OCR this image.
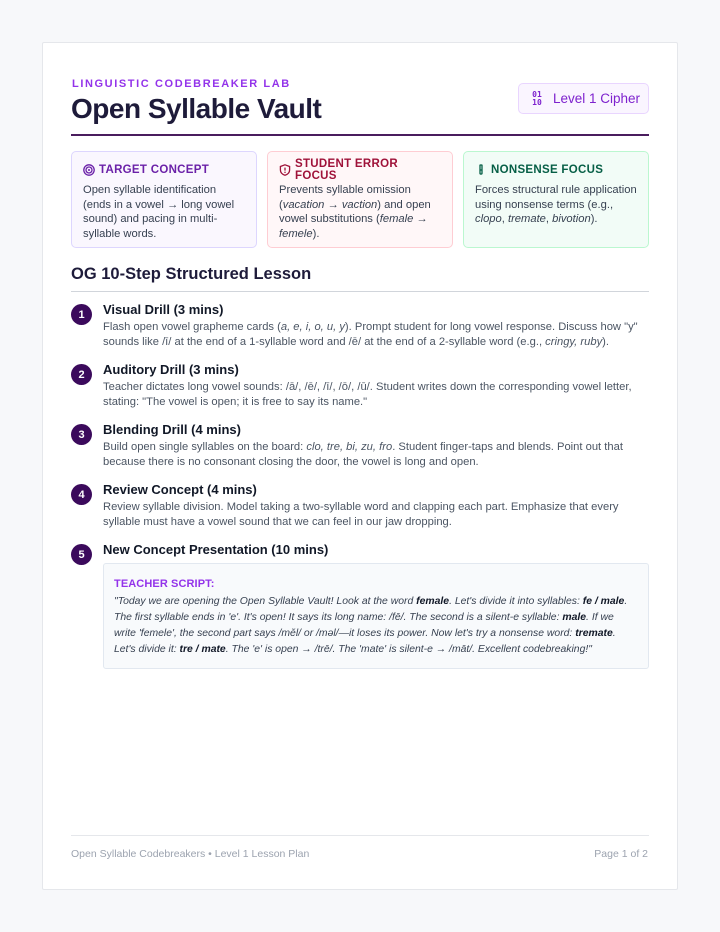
LINGUISTIC CODEBREAKER LAB
Open Syllable Vault	01
10 Level 1 Cipher
TARGET CONCEPT
Open syllable identification (ends in a vowel → long vowel sound) and pacing in multi-syllable words.
STUDENT ERROR FOCUS
Prevents syllable omission (vacation → vaction) and open vowel substitutions (female → femele).
NONSENSE FOCUS
Forces structural rule application using nonsense terms (e.g., clopo, tremate, bivotion).
OG 10-Step Structured Lesson
1	Visual Drill (3 mins)
Flash open vowel grapheme cards (a, e, i, o, u, y). Prompt student for long vowel response. Discuss how "y" sounds like /ī/ at the end of a 1-syllable word and /ē/ at the end of a 2-syllable word (e.g., cringy, ruby).
2	Auditory Drill (3 mins)
Teacher dictates long vowel sounds: /ā/, /ē/, /ī/, /ō/, /ū/. Student writes down the corresponding vowel letter, stating: "The vowel is open; it is free to say its name."
3	Blending Drill (4 mins)
Build open single syllables on the board: clo, tre, bi, zu, fro. Student finger-taps and blends. Point out that because there is no consonant closing the door, the vowel is long and open.
4	Review Concept (4 mins)
Review syllable division. Model taking a two-syllable word and clapping each part. Emphasize that every syllable must have a vowel sound that we can feel in our jaw dropping.
5	New Concept Presentation (10 mins)
TEACHER SCRIPT:
"Today we are opening the Open Syllable Vault! Look at the word female. Let's divide it into syllables: fe / male. The first syllable ends in 'e'. It's open! It says its long name: /fē/. The second is a silent-e syllable: male. If we write 'femele', the second part says /mĕl/ or /məl/—it loses its power. Now let's try a nonsense word: tremate. Let's divide it: tre / mate. The 'e' is open → /trē/. The 'mate' is silent-e → /māt/. Excellent codebreaking!"
Open Syllable Codebreakers • Level 1 Lesson Plan	Page 1 of 2
